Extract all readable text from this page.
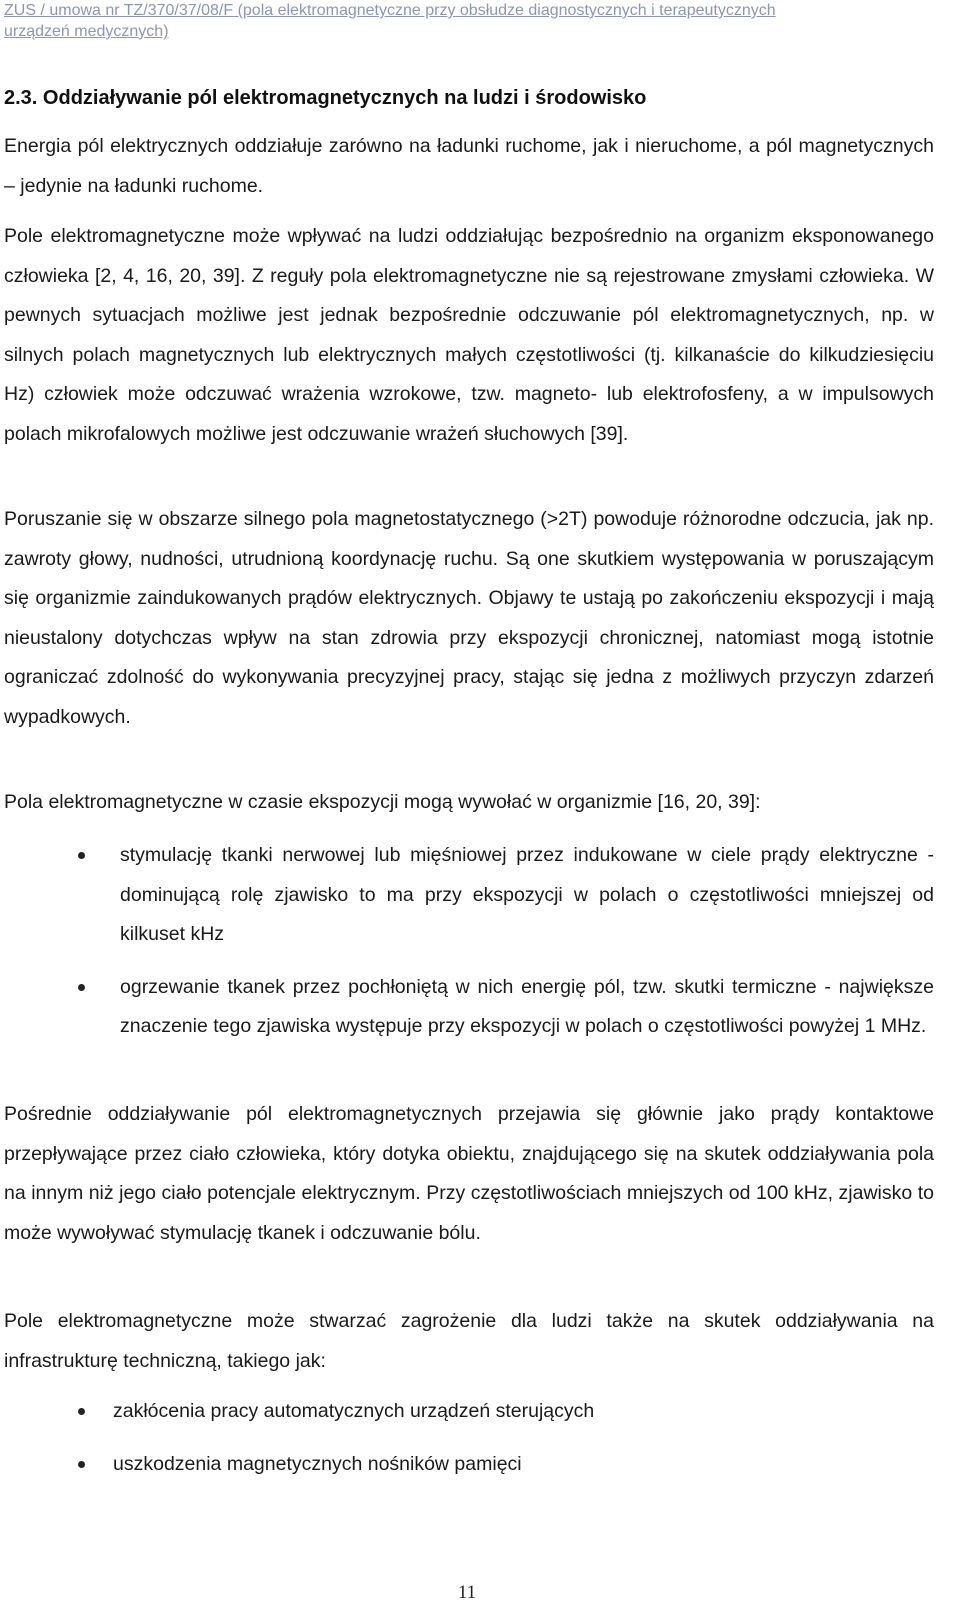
ZUS / umowa nr TZ/370/37/08/F (pola elektromagnetyczne przy obsłudze diagnostycznych i terapeutycznych
urządzeń medycznych)
2.3. Oddziaływanie pól elektromagnetycznych na ludzi i środowisko
Energia pól elektrycznych oddziałuje zarówno na ładunki ruchome, jak i nieruchome, a pól magnetycznych – jedynie na ładunki ruchome.
Pole elektromagnetyczne może wpływać na ludzi oddziałując bezpośrednio na organizm eksponowanego człowieka [2, 4, 16, 20, 39]. Z reguły pola elektromagnetyczne nie są rejestrowane zmysłami człowieka. W pewnych sytuacjach możliwe jest jednak bezpośrednie odczuwanie pól elektromagnetycznych, np. w silnych polach magnetycznych lub elektrycznych małych częstotliwości (tj. kilkanaście do kilkudziesięciu Hz) człowiek może odczuwać wrażenia wzrokowe, tzw. magneto- lub elektrofosfeny, a w impulsowych polach mikrofalowych możliwe jest odczuwanie wrażeń słuchowych [39].
Poruszanie się w obszarze silnego pola magnetostatycznego (>2T) powoduje różnorodne odczucia, jak np. zawroty głowy, nudności, utrudnioną koordynację ruchu. Są one skutkiem występowania w poruszającym się organizmie zaindukowanych prądów elektrycznych. Objawy te ustają po zakończeniu ekspozycji i mają nieustalony dotychczas wpływ na stan zdrowia przy ekspozycji chronicznej, natomiast mogą istotnie ograniczać zdolność do wykonywania precyzyjnej pracy, stając się jedna z możliwych przyczyn zdarzeń wypadkowych.
Pola elektromagnetyczne w czasie ekspozycji mogą wywołać w organizmie [16, 20, 39]:
stymulację tkanki nerwowej lub mięśniowej przez indukowane w ciele prądy elektryczne - dominującą rolę zjawisko to ma przy ekspozycji w polach o częstotliwości mniejszej od kilkuset kHz
ogrzewanie tkanek przez pochłoniętą w nich energię pól, tzw. skutki termiczne - największe znaczenie tego zjawiska występuje przy ekspozycji w polach o częstotliwości powyżej 1 MHz.
Pośrednie oddziaływanie pól elektromagnetycznych przejawia się głównie jako prądy kontaktowe przepływające przez ciało człowieka, który dotyka obiektu, znajdującego się na skutek oddziaływania pola na innym niż jego ciało potencjale elektrycznym. Przy częstotliwościach mniejszych od 100 kHz, zjawisko to może wywoływać stymulację tkanek i odczuwanie bólu.
Pole elektromagnetyczne może stwarzać zagrożenie dla ludzi także na skutek oddziaływania na infrastrukturę techniczną, takiego jak:
zakłócenia pracy automatycznych urządzeń sterujących
uszkodzenia magnetycznych nośników pamięci
11
